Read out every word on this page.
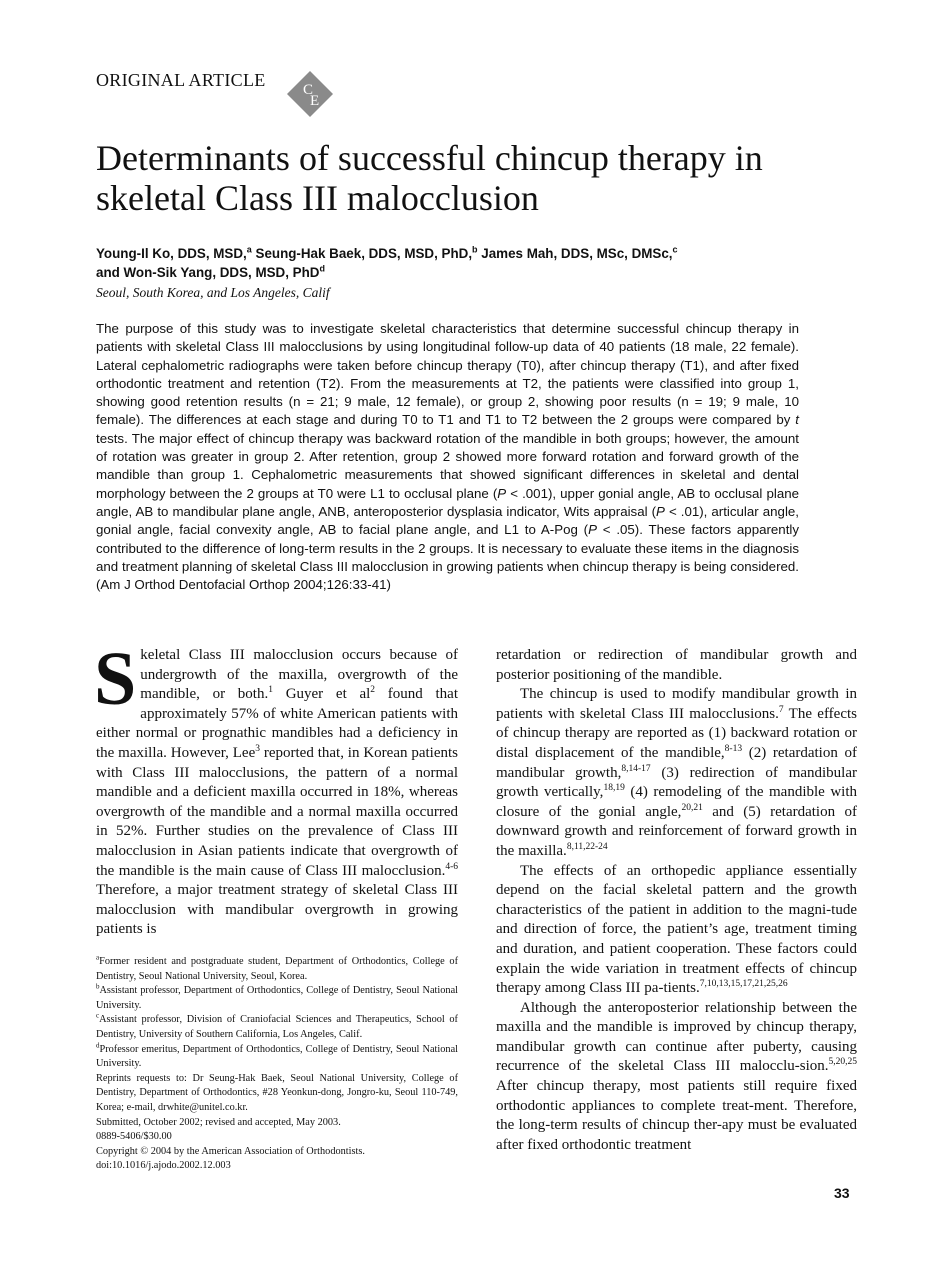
ORIGINAL ARTICLE C
E
Determinants of successful chincup therapy in skeletal Class III malocclusion
Young-Il Ko, DDS, MSD,$^a$ Seung-Hak Baek, DDS, MSD, PhD,$^b$ James Mah, DDS, MSc, DMSc,$^c$
and Won-Sik Yang, DDS, MSD, PhD$^d$
Seoul, South Korea, and Los Angeles, Calif

The purpose of this study was to investigate skeletal characteristics that determine successful chincup therapy in patients with skeletal Class III malocclusions by using longitudinal follow-up data of 40 patients (18 male, 22 female). Lateral cephalometric radiographs were taken before chincup therapy (T0), after chincup therapy (T1), and after fixed orthodontic treatment and retention (T2). From the measurements at T2, the patients were classified into group 1, showing good retention results (n = 21; 9 male, 12 female), or group 2, showing poor results (n = 19; 9 male, 10 female). The differences at each stage and during T0 to T1 and T1 to T2 between the 2 groups were compared by t tests. The major effect of chincup therapy was backward rotation of the mandible in both groups; however, the amount of rotation was greater in group 2. After retention, group 2 showed more forward rotation and forward growth of the mandible than group 1. Cephalometric measurements that showed significant differences in skeletal and dental morphology between the 2 groups at T0 were L1 to occlusal plane (P < .001), upper gonial angle, AB to occlusal plane angle, AB to mandibular plane angle, ANB, anteroposterior dysplasia indicator, Wits appraisal (P < .01), articular angle, gonial angle, facial convexity angle, AB to facial plane angle, and L1 to A-Pog (P < .05). These factors apparently contributed to the difference of long-term results in the 2 groups. It is necessary to evaluate these items in the diagnosis and treatment planning of skeletal Class III malocclusion in growing patients when chincup therapy is being considered. (Am J Orthod Dentofacial Orthop 2004;126:33-41)

Skeletal Class III malocclusion occurs because of undergrowth of the maxilla, overgrowth of the mandible, or both.$^1$ Guyer et $al^2$ found that approximately 57% of white American patients with either normal or prognathic mandibles had a deficiency in the maxilla. However, Lee$^3$ reported that, in Korean patients with Class III malocclusions, the pattern of a normal mandible and a deficient maxilla occurred in 18%, whereas overgrowth of the mandible and a normal maxilla occurred in 52%. Further studies on the prevalence of Class III malocclusion in Asian patients indicate that overgrowth of the mandible is the main cause of Class III malocclusion.$^{4-6}$ Therefore, a major treatment strategy of skeletal Class III malocclusion with mandibular overgrowth in growing patients is

$^a$Former resident and postgraduate student, Department of Orthodontics, College of Dentistry, Seoul National University, Seoul, Korea.
$^b$Assistant professor, Department of Orthodontics, College of Dentistry, Seoul National University.
$^c$Assistant professor, Division of Craniofacial Sciences and Therapeutics, School of Dentistry, University of Southern California, Los Angeles, Calif.
$^d$Professor emeritus, Department of Orthodontics, College of Dentistry, Seoul National University.
Reprints requests to: Dr Seung-Hak Baek, Seoul National University, College of Dentistry, Department of Orthodontics, #28 Yeonkun-dong, Jongro-ku, Seoul 110-749, Korea; e-mail, drwhite@unitel.co.kr.
Submitted, October 2002; revised and accepted, May 2003.
0889-5406/$30.00
Copyright © 2004 by the American Association of Orthodontists.
doi:10.1016/j.ajodo.2002.12.003

retardation or redirection of mandibular growth and posterior positioning of the mandible.

The chincup is used to modify mandibular growth in patients with skeletal Class III malocclusions.$^7$ The effects of chincup therapy are reported as (1) backward rotation or distal displacement of the mandible,$^{8-13}$ (2) retardation of mandibular growth,$^{8,14-17}$ (3) redirection of mandibular growth vertically,$^{18,19}$ (4) remodeling of the mandible with closure of the gonial angle,$^{20,21}$ and (5) retardation of downward growth and reinforcement of forward growth in the maxilla.$^{8,11,22-24}$

The effects of an orthopedic appliance essentially depend on the facial skeletal pattern and the growth characteristics of the patient in addition to the magni-tude and direction of force, the patient’s age, treatment timing and duration, and patient cooperation. These factors could explain the wide variation in treatment effects of chincup therapy among Class III pa-tients.$^{7,10,13,15,17,21,25,26}$

Although the anteroposterior relationship between the maxilla and the mandible is improved by chincup therapy, mandibular growth can continue after puberty, causing recurrence of the skeletal Class III malocclu-sion.$^{5,20,25}$ After chincup therapy, most patients still require fixed orthodontic appliances to complete treat-ment. Therefore, the long-term results of chincup ther-apy must be evaluated after fixed orthodontic treatment

33
